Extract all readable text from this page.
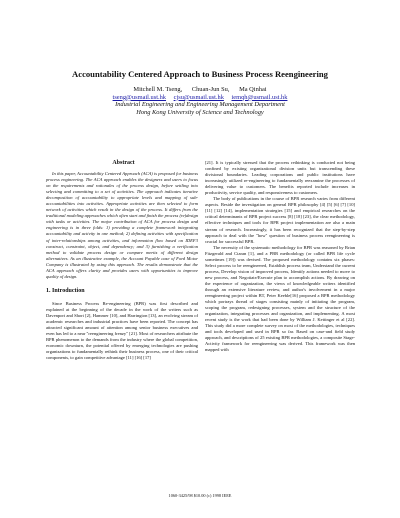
Accountability Centered Approach to Business Process Reengineering
Mitchell M. Tseng, Chuan-Jun Su, Ma Qinhai
tseng@usmail.ust.hk cjsu@usmail.ust.hk iemqh@usmail.ust.hk
Industrial Engineering and Engineering Management Department
Hong Kong University of Science and Technology
Abstract

In this paper, Accountability Centered Approach (ACA) is proposed for business process engineering. The ACA approach enables the designers and users to focus on the requirements and rationales of the process design, before settling into selecting and committing to a set of activities. The approach indicates iterative decomposition of accountability to appropriate levels and mapping of sub-accountabilities into activities. Appropriate activities are then selected to form network of activities which result in the design of the process. It differs from the traditional modeling approaches which often start and finish the process (re)design with tasks or activities. The major contribution of ACA for process design and engineering is in three folds: 1) providing a complete framework integrating accountability and activity in one method; 2) defining activities with specification of inter-relationships among activities, and information flow based on IDEF3 construct, constraint, object, and dependency; and 3) furnishing a verification method to validate process design or compare merits of different design alternatives. As an illustrative example, the Account Payable case of Ford Motor Company is illustrated by using this approach. The results demonstrate that the ACA approach offers clarity and provides users with opportunities to improve quality of design.

1. Introduction

Since Business Process Re-engineering (BPR) was first described and explained at the beginning of the decade in the work of the writers such as Davenport and Short [2], Hammer [10], and Harrington [13], an evolving stream of academic researches and industrial practices have been reported. The concept has attracted significant amount of attention among senior business executives and even has led to a near "reengineering frenzy" [21]. Most of researchers attribute the BPR phenomenon to the demands from the industry where the global competition, economic downturn, the potential offered by emerging technologies are pushing organizations to fundamentally rethink their business process, one of their critical components, to gain competitive advantage [11] [16] [17]

[21]. It is typically stressed that the process rethinking is conducted not being confined by existing organizational division units but transcending these divisional boundaries. Leading corporations and public institutions have increasingly utilized re-engineering to fundamentally reexamine the processes of delivering value to customers. The benefits reported include increases in productivity, service quality, and responsiveness to customers.

The body of publications in the course of BPR research varies from different aspects. Beside the investigation on general BPR philosophy [4] [5] [6] [7] [10] [11] [12] [14], implementation strategies [15] and empirical researches on the critical determinants of BPR project success [8] [18] [23], the clear methodology, effective techniques and tools for BPR project implementation are also a main stream of research. Increasingly, it has been recognized that the step-by-step approach to deal with the "how" question of business process reengineering is crucial for successful BPR.

The necessity of the systematic methodology for BPR was reasoned by Brian Fitzgerald and Ciaran [1], and a PBR methodology (or called BPR life cycle sometimes [19]) was devised. The proposed methodology contains six phases: Select process to be reengineered, Establish process team, Understand the current process, Develop vision of improved process, Identify actions needed to move to new process, and Negotiate/Execute plan to accomplish actions. By drawing on the experience of organization, the views of knowledgeable writers identified through an extensive literature review, and author's involvement in a major reengineering project within BT, Peter Keeble[16] proposed a BPR methodology which portrays thread of stages consisting mainly of initiating the program, scoping the program, redesigning processes, system and the structure of the organization, integrating processes and organization, and implementing. A most recent study is the work that had been done by William J. Kettinger et al [22]. This study did a more complete survey on most of the methodologies, techniques and tools developed and used in BPR so far. Based on case-and field study approach, and descriptions of 25 existing BPR methodologies, a composite Stage-Activity framework for reengineering was derived. This framework was then mapped with

1060-3425/98 $10.00 (c) 1998 IEEE
